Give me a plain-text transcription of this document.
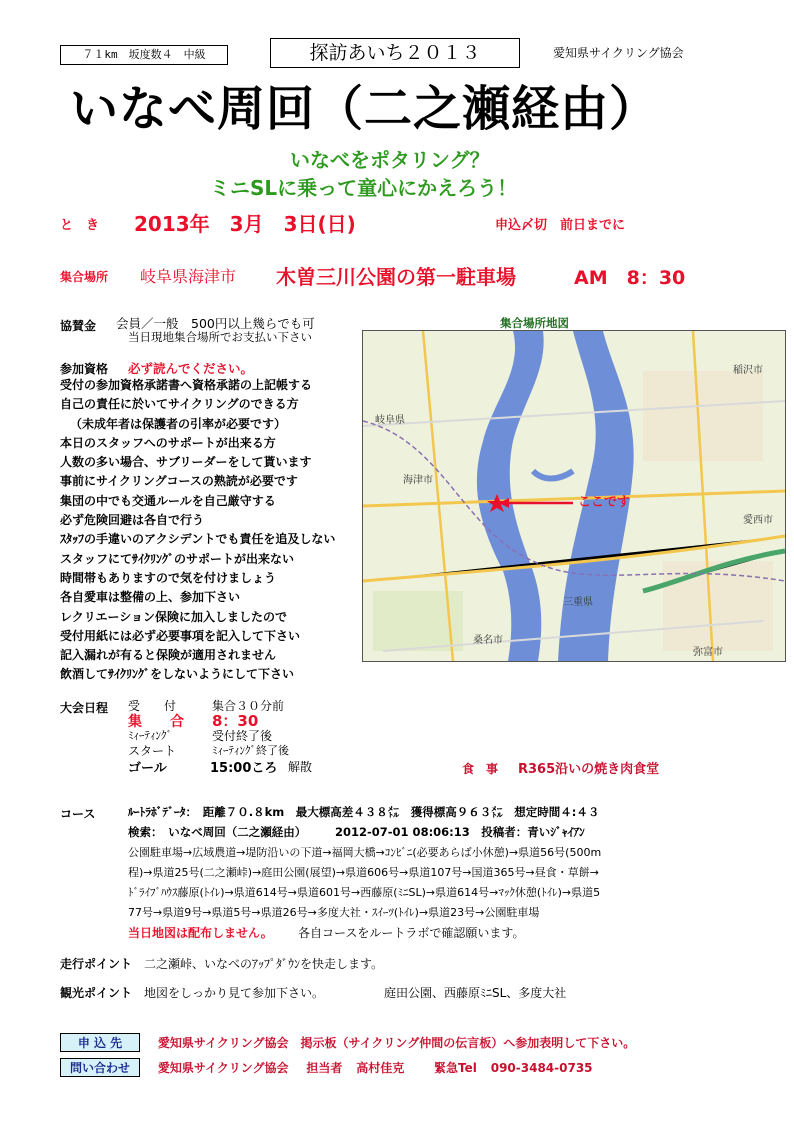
７１km　坂度数４　中級	探訪あいち２０１３	愛知県サイクリング協会
いなべ周回（二之瀬経由）
いなべをポタリング？
ミニSLに乗って童心にかえろう！
と　き 2013年　3月　3日(日)	申込〆切　前日までに
集合場所 岐阜県海津市 木曽三川公園の第一駐車場	AM　8：30
協賛金 会員／一般　500円以上幾らでも可
当日現地集合場所でお支払い下さい
参加資格 必ず読んでください。
受付の参加資格承諾書へ資格承諾の上記帳する
自己の責任に於いてサイクリングのできる方
（未成年者は保護者の引率が必要です）
本日のスタッフへのサポートが出来る方
人数の多い場合、サブリーダーをして貰います
事前にサイクリングコースの熟読が必要です
集団の中でも交通ルールを自己厳守する
必ず危険回避は各自で行う
ｽﾀｯﾌの手違いのアクシデントでも責任を追及しない
スタッフにてｻｲｸﾘﾝｸﾞのサポートが出来ない
時間帯もありますので気を付けましょう
各自愛車は整備の上、参加下さい
レクリエーション保険に加入しましたので
受付用紙には必ず必要事項を記入して下さい
記入漏れが有ると保険が適用されません
飲酒してｻｲｸﾘﾝｸﾞをしないようにして下さい
集合場所地図
ここです
三重県
岐阜県
海津市
桑名市
愛西市
弥富市
稲沢市
大会日程 受　　付	集合３０分前
集　　合 8：30
ﾐｨｰﾃｨﾝｸﾞ	受付終了後
スタート	ﾐｨｰﾃｨﾝｸﾞ終了後
ゴール	15:00ころ 解散	食　事 R365沿いの焼き肉食堂
コース	ﾙｰﾄﾗﾎﾞﾃﾞｰﾀ：　距離７０.８km　最大標高差４３８㍍　獲得標高９６３㍍　想定時間４:４３
検索：　いなべ周回（二之瀬経由）　　　2012-07-01 08:06:13　投稿者：青いｼﾞｬｲｱﾝ
公園駐車場→広域農道→堤防沿いの下道→福岡大橋→ｺﾝﾋﾞﾆ(必要あらば小休憩)→県道56号(500m
程)→県道25号(二之瀬峠)→庭田公園(展望)→県道606号→県道107号→国道365号→昼食・草餅→
ﾄﾞﾗｲﾌﾞﾊｳｽ藤原(ﾄｲﾚ)→県道614号→県道601号→西藤原(ﾐﾆSL)→県道614号→ﾏｯｸ休憩(ﾄｲﾚ)→県道5
77号→県道9号→県道5号→県道26号→多度大社・ｽｲｰﾂ(ﾄｲﾚ)→県道23号→公園駐車場
当日地図は配布しません。 各自コースをルートラボで確認願います。
走行ポイント 二之瀬峠、いなべのｱｯﾌﾟﾀﾞｳﾝを快走します。
観光ポイント 地図をしっかり見て参加下さい。	庭田公園、西藤原ﾐﾆSL、多度大社
申 込 先	愛知県サイクリング協会　掲示板（サイクリング仲間の伝言板）へ参加表明して下さい。
問い合わせ 愛知県サイクリング協会 担当者 高村佳克 緊急Tel 090-3484-0735
